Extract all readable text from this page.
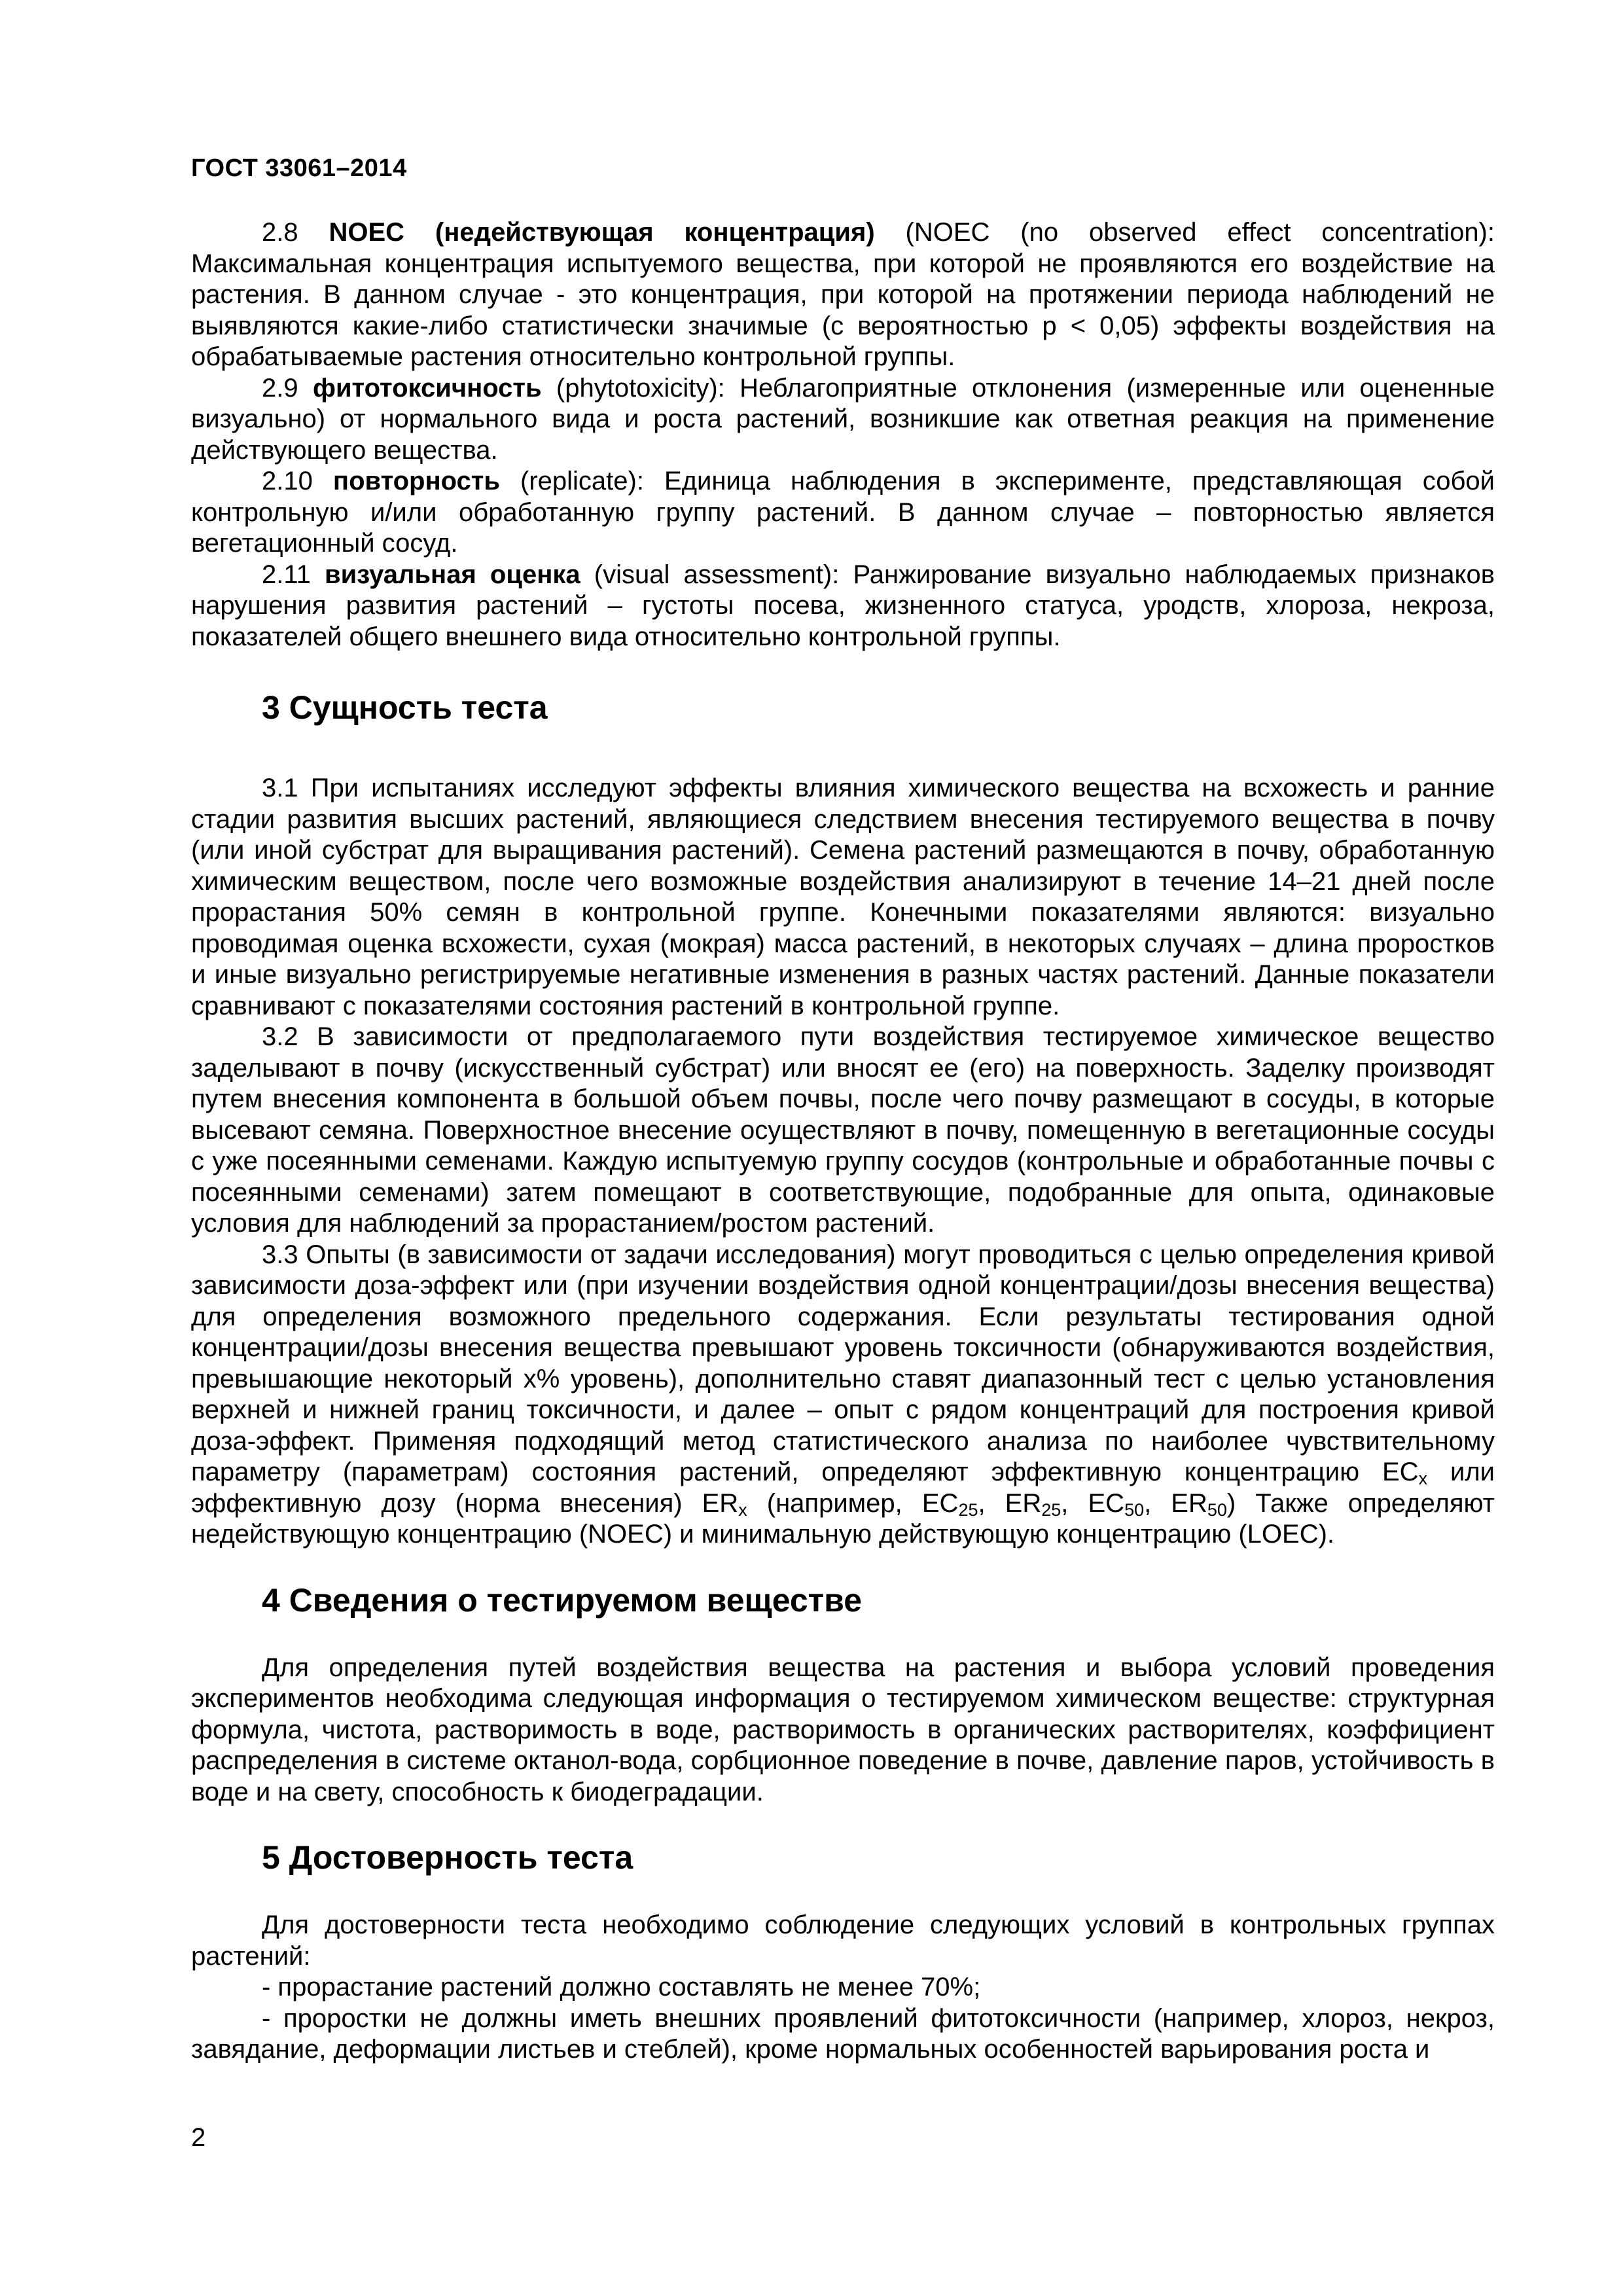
ГОСТ 33061–2014

2.8 NOEC (недействующая концентрация) (NOEC (no observed effect concentration): Максимальная концентрация испытуемого вещества, при которой не проявляются его воздействие на растения. В данном случае - это концентрация, при которой на протяжении периода наблюдений не выявляются какие-либо статистически значимые (с вероятностью p < 0,05) эффекты воздействия на обрабатываемые растения относительно контрольной группы.

2.9 фитотоксичность (phytotoxicity): Неблагоприятные отклонения (измеренные или оцененные визуально) от нормального вида и роста растений, возникшие как ответная реакция на применение действующего вещества.

2.10 повторность (replicate): Единица наблюдения в эксперименте, представляющая собой контрольную и/или обработанную группу растений. В данном случае – повторностью является вегетационный сосуд.

2.11 визуальная оценка (visual assessment): Ранжирование визуально наблюдаемых признаков нарушения развития растений – густоты посева, жизненного статуса, уродств, хлороза, некроза, показателей общего внешнего вида относительно контрольной группы.

3 Сущность теста

3.1 При испытаниях исследуют эффекты влияния химического вещества на всхожесть и ранние стадии развития высших растений, являющиеся следствием внесения тестируемого вещества в почву (или иной субстрат для выращивания растений). Семена растений размещаются в почву, обработанную химическим веществом, после чего возможные воздействия анализируют в течение 14–21 дней после прорастания 50% семян в контрольной группе. Конечными показателями являются: визуально проводимая оценка всхожести, сухая (мокрая) масса растений, в некоторых случаях – длина проростков и иные визуально регистрируемые негативные изменения в разных частях растений. Данные показатели сравнивают с показателями состояния растений в контрольной группе.

3.2 В зависимости от предполагаемого пути воздействия тестируемое химическое вещество заделывают в почву (искусственный субстрат) или вносят ее (его) на поверхность. Заделку производят путем внесения компонента в большой объем почвы, после чего почву размещают в сосуды, в которые высевают семяна. Поверхностное внесение осуществляют в почву, помещенную в вегетационные сосуды с уже посеянными семенами. Каждую испытуемую группу сосудов (контрольные и обработанные почвы с посеянными семенами) затем помещают в соответствующие, подобранные для опыта, одинаковые условия для наблюдений за прорастанием/ростом растений.

3.3 Опыты (в зависимости от задачи исследования) могут проводиться с целью определения кривой зависимости доза-эффект или (при изучении воздействия одной концентрации/дозы внесения вещества) для определения возможного предельного содержания. Если результаты тестирования одной концентрации/дозы внесения вещества превышают уровень токсичности (обнаруживаются воздействия, превышающие некоторый x% уровень), дополнительно ставят диапазонный тест с целью установления верхней и нижней границ токсичности, и далее – опыт с рядом концентраций для построения кривой доза-эффект. Применяя подходящий метод статистического анализа по наиболее чувствительному параметру (параметрам) состояния растений, определяют эффективную концентрацию $EC_x$ или эффективную дозу (норма внесения) $ER_x$ (например, $EC_{25}$, $ER_{25}$, $EC_{50}$, $ER_{50}$) Также определяют недействующую концентрацию (NOEC) и минимальную действующую концентрацию (LOEC).

4 Сведения о тестируемом веществе

Для определения путей воздействия вещества на растения и выбора условий проведения экспериментов необходима следующая информация о тестируемом химическом веществе: структурная формула, чистота, растворимость в воде, растворимость в органических растворителях, коэффициент распределения в системе октанол-вода, сорбционное поведение в почве, давление паров, устойчивость в воде и на свету, способность к биодеградации.

5 Достоверность теста

Для достоверности теста необходимо соблюдение следующих условий в контрольных группах растений:

- прорастание растений должно составлять не менее 70%;

- проростки не должны иметь внешних проявлений фитотоксичности (например, хлороз, некроз, завядание, деформации листьев и стеблей), кроме нормальных особенностей варьирования роста и

2
